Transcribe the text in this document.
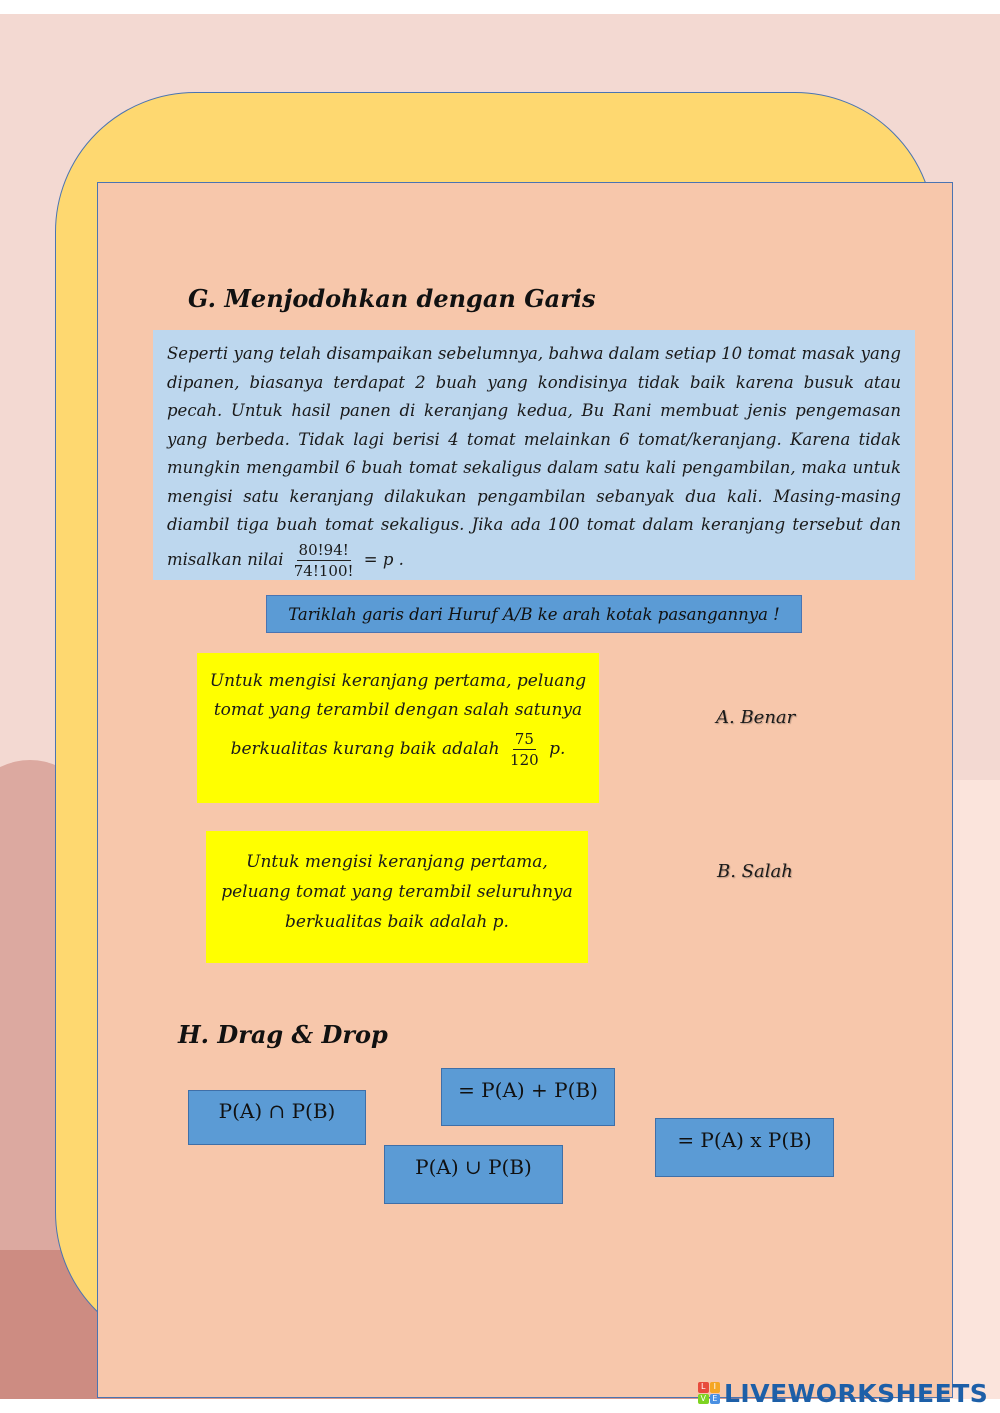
G. Menjodohkan dengan Garis

Seperti yang telah disampaikan sebelumnya, bahwa dalam setiap 10 tomat masak yang dipanen, biasanya terdapat 2 buah yang kondisinya tidak baik karena busuk atau pecah. Untuk hasil panen di keranjang kedua, Bu Rani membuat jenis pengemasan yang berbeda. Tidak lagi berisi 4 tomat melainkan 6 tomat/keranjang. Karena tidak mungkin mengambil 6 buah tomat sekaligus dalam satu kali pengambilan, maka untuk mengisi satu keranjang dilakukan pengambilan sebanyak dua kali. Masing-masing diambil tiga buah tomat sekaligus. Jika ada 100 tomat dalam keranjang tersebut dan misalkan nilai $\frac{80!94!}{74!100!} = p$ .

Tariklah garis dari Huruf A/B ke arah kotak pasangannya !
Untuk mengisi keranjang pertama, peluang
tomat yang terambil dengan salah satunya
berkualitas kurang baik adalah $\frac{75}{120} p$.
Untuk mengisi keranjang pertama,
peluang tomat yang terambil seluruhnya
berkualitas baik adalah p.
A. Benar
B. Salah
H. Drag & Drop
P(A) ∩ P(B)
= P(A) + P(B)
P(A) ∪ P(B)
= P(A) x P(B)
L	I
V E LIVEWORKSHEETS
